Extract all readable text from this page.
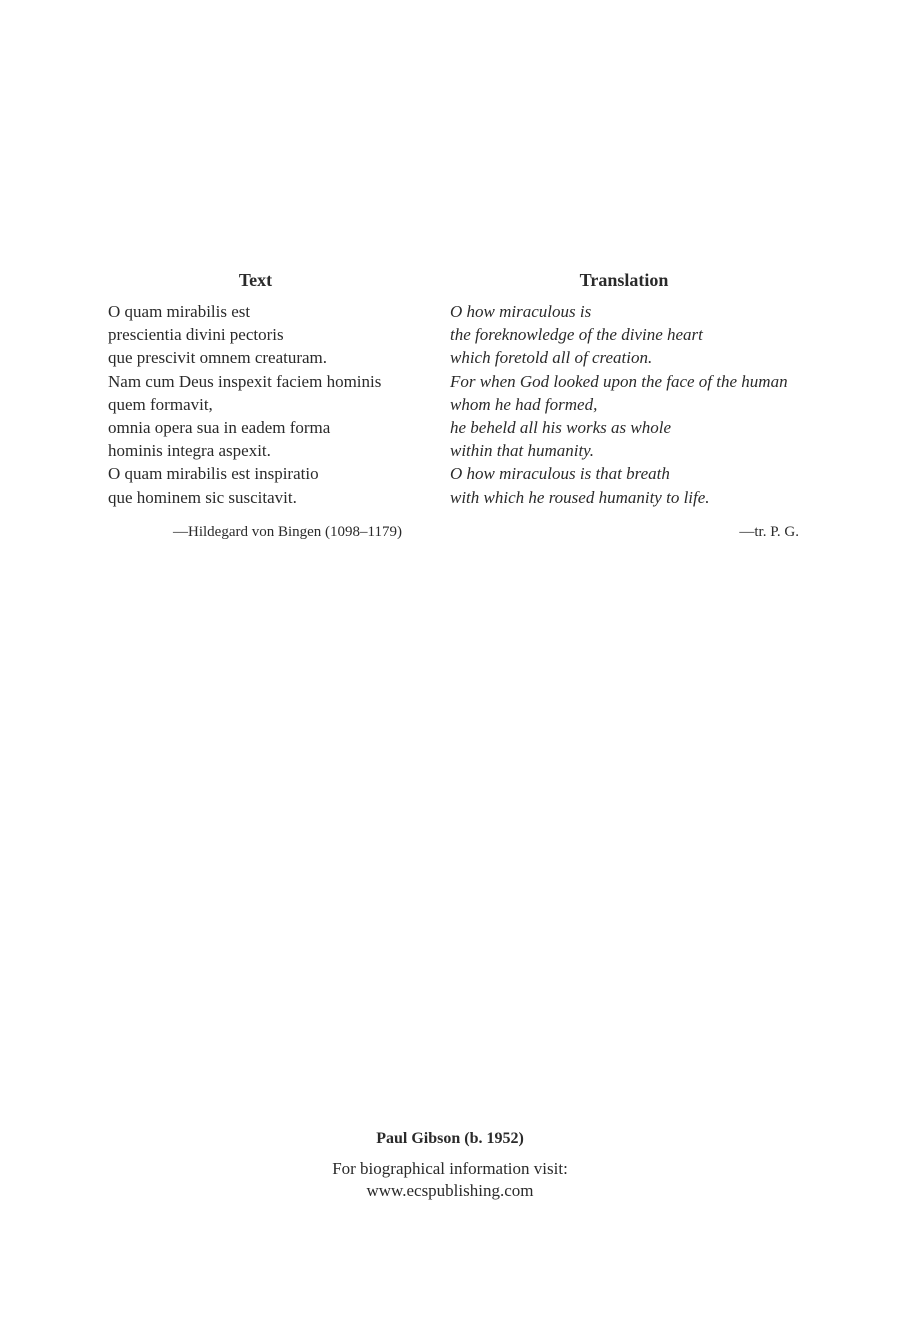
Text
O quam mirabilis est
prescientia divini pectoris
que prescivit omnem creaturam.
Nam cum Deus inspexit faciem hominis
quem formavit,
omnia opera sua in eadem forma
hominis integra aspexit.
O quam mirabilis est inspiratio
que hominem sic suscitavit.
—Hildegard von Bingen (1098–1179)
Translation
O how miraculous is
the foreknowledge of the divine heart
which foretold all of creation.
For when God looked upon the face of the human
whom he had formed,
he beheld all his works as whole
within that humanity.
O how miraculous is that breath
with which he roused humanity to life.
—tr. P. G.
Paul Gibson (b. 1952)
For biographical information visit:
www.ecspublishing.com
